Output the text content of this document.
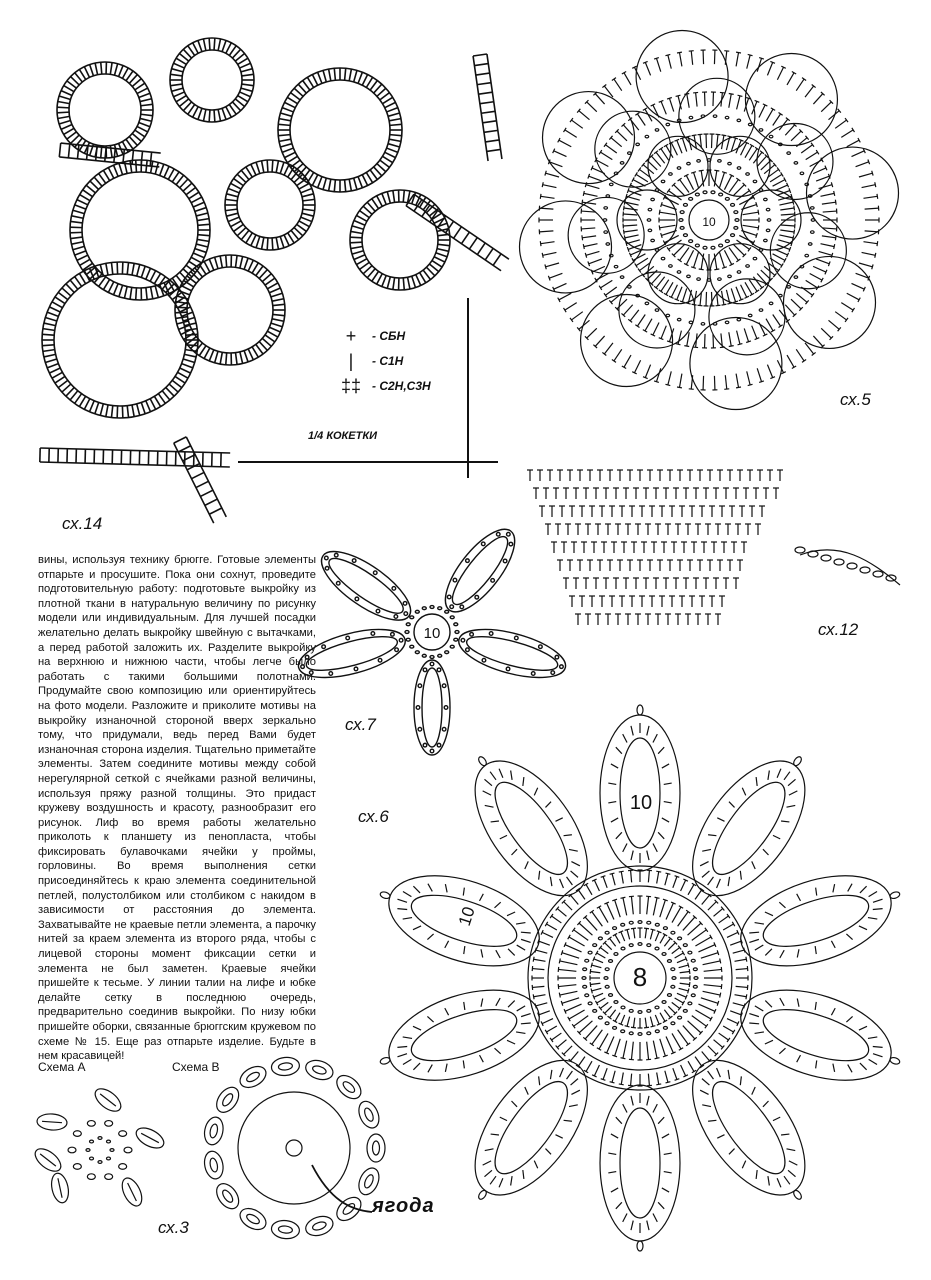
10
10
10
10
8
+	- СБН
|	- С1Н
‡‡ - С2Н,С3Н
1/4 КОКЕТКИ
сх.14
сх.5
сх.12
сх.7
сх.6
сх.3
Схема А	Схема В
ягода

вины, используя технику брюгге. Готовые элементы отпарьте и просушите. Пока они сохнут, проведите подготовительную работу: подготовьте выкройку из плотной ткани в натуральную величину по рисунку модели или индивидуальным. Для лучшей посадки желательно делать выкройку швейную с вытачками, а перед работой заложить их. Разделите выкройку на верхнюю и нижнюю части, чтобы легче было работать с такими большими полотнами. Продумайте свою композицию или ориентируйтесь на фото модели. Разложите и приколите мотивы на выкройку изнаночной стороной вверх зеркально тому, что придумали, ведь перед Вами будет изнаночная сторона изделия. Тщательно приметайте элементы. Затем соедините мотивы между собой нерегулярной сеткой с ячейками разной величины, используя пряжу разной толщины. Это придаст кружеву воздушность и красоту, разнообразит его рисунок. Лиф во время работы желательно приколоть к планшету из пенопласта, чтобы фиксировать булавочками ячейки у проймы, горловины. Во время выполнения сетки присоединяйтесь к краю элемента соединительной петлей, полустолбиком или столбиком с накидом в зависимости от расстояния до элемента. Захватывайте не краевые петли элемента, а парочку нитей за краем элемента из второго ряда, чтобы с лицевой стороны момент фиксации сетки и элемента не был заметен. Краевые ячейки пришейте к тесьме. У линии талии на лифе и юбке делайте сетку в последнюю очередь, предварительно соединив выкройки. По низу юбки пришейте оборки, связанные брюггским кружевом по схеме № 15. Еще раз отпарьте изделие. Будьте в нем красавицей!
